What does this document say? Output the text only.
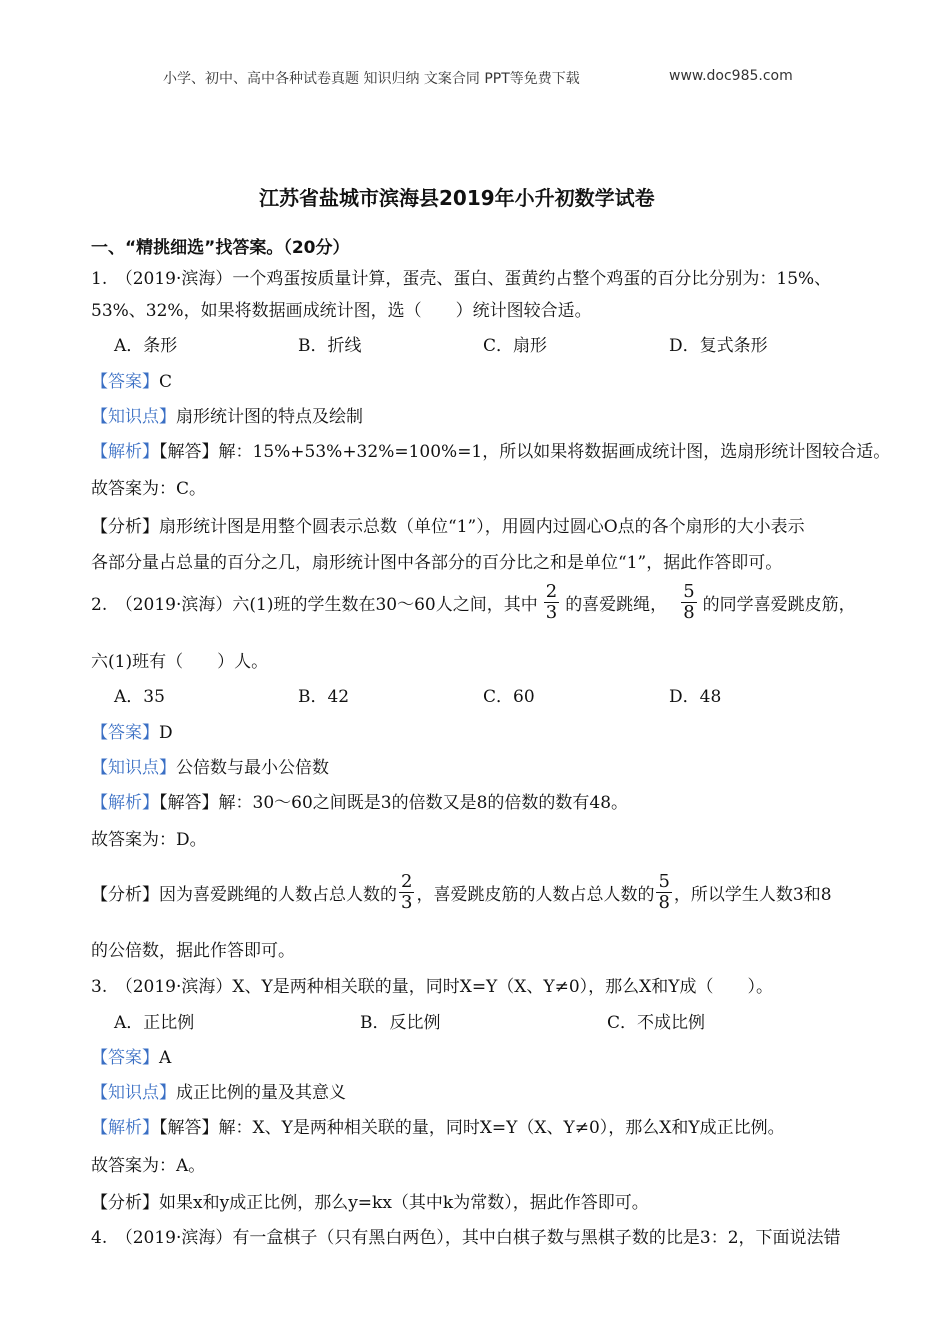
小学、初中、高中各种试卷真题 知识归纳 文案合同 PPT等免费下载	www.doc985.com
江苏省盐城市滨海县2019年小升初数学试卷
一、“精挑细选”找答案。（20分）
1.　（2019·滨海）一个鸡蛋按质量计算，蛋壳、蛋白、蛋黄约占整个鸡蛋的百分比分别为：15%、
53%、32%，如果将数据画成统计图，选（　　）统计图较合适。
A．条形	B．折线	C．扇形	D．复式条形
【答案】C
【知识点】扇形统计图的特点及绘制
【解析】【解答】解：15%+53%+32%=100%=1，所以如果将数据画成统计图，选扇形统计图较合适。
故答案为：C。
【分析】扇形统计图是用整个圆表示总数（单位“1”），用圆内过圆心O点的各个扇形的大小表示
各部分量占总量的百分之几，扇形统计图中各部分的百分比之和是单位“1”，据此作答即可。
2.　（2019·滨海）六(1)班的学生数在30～60人之间，其中 $\frac{2}{3}$ 的喜爱跳绳， $\frac{5}{8}$ 的同学喜爱跳皮筋，
六(1)班有（　　）人。
A．35	B．42	C．60	D．48
【答案】D
【知识点】公倍数与最小公倍数
【解析】【解答】解：30～60之间既是3的倍数又是8的倍数的数有48。
故答案为：D。
【分析】 因为喜爱跳绳的人数占总人数的 $\frac{2}{3}$ ，喜爱跳皮筋的人数占总人数的 $\frac{5}{8}$ ，所以学生人数3和8
的公倍数，据此作答即可。
3.　（2019·滨海）X、Y是两种相关联的量，同时X=Y（X、Y≠0），那么X和Y成（　　）。
A．正比例	B．反比例	C．不成比例
【答案】A
【知识点】成正比例的量及其意义
【解析】【解答】解：X、Y是两种相关联的量，同时X=Y（X、Y≠0），那么X和Y成正比例。
故答案为：A。
【分析】如果x和y成正比例，那么y=kx（其中k为常数），据此作答即可。
4.　（2019·滨海）有一盒棋子（只有黑白两色），其中白棋子数与黑棋子数的比是3：2，下面说法错
